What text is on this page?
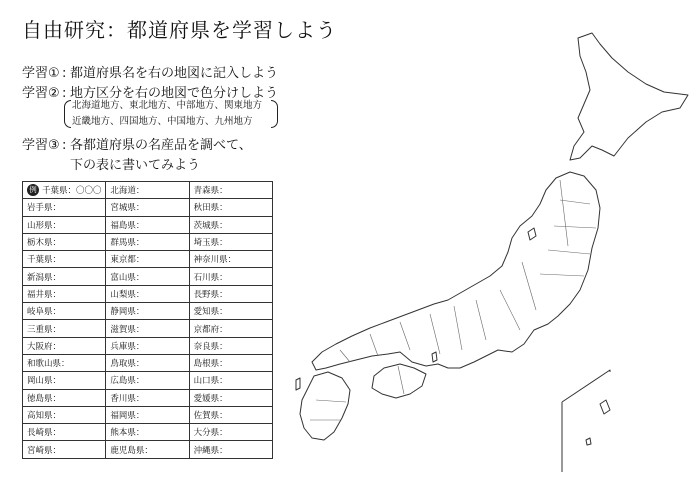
自由研究：都道府県を学習しよう
学習① : 都道府県名を右の地図に記入しよう
学習② : 地方区分を右の地図で色分けしよう
北海道地方、東北地方、中部地方、関東地方
近畿地方、四国地方、中国地方、九州地方
学習③ : 各都道府県の名産品を調べて、
下の表に書いてみよう
例 千葉県：〇〇〇	北海道：	青森県：
岩手県：	宮城県：	秋田県：
山形県：	福島県：	茨城県：
栃木県：	群馬県：	埼玉県：
千葉県：	東京都：	神奈川県：
新潟県：	富山県：	石川県：
福井県：	山梨県：	長野県：
岐阜県：	静岡県：	愛知県：
三重県：	滋賀県：	京都府：
大阪府：	兵庫県：	奈良県：
和歌山県：	鳥取県：	島根県：
岡山県：	広島県：	山口県：
徳島県：	香川県：	愛媛県：
高知県：	福岡県：	佐賀県：
長崎県：	熊本県：	大分県：
宮崎県：	鹿児島県：	沖縄県：
